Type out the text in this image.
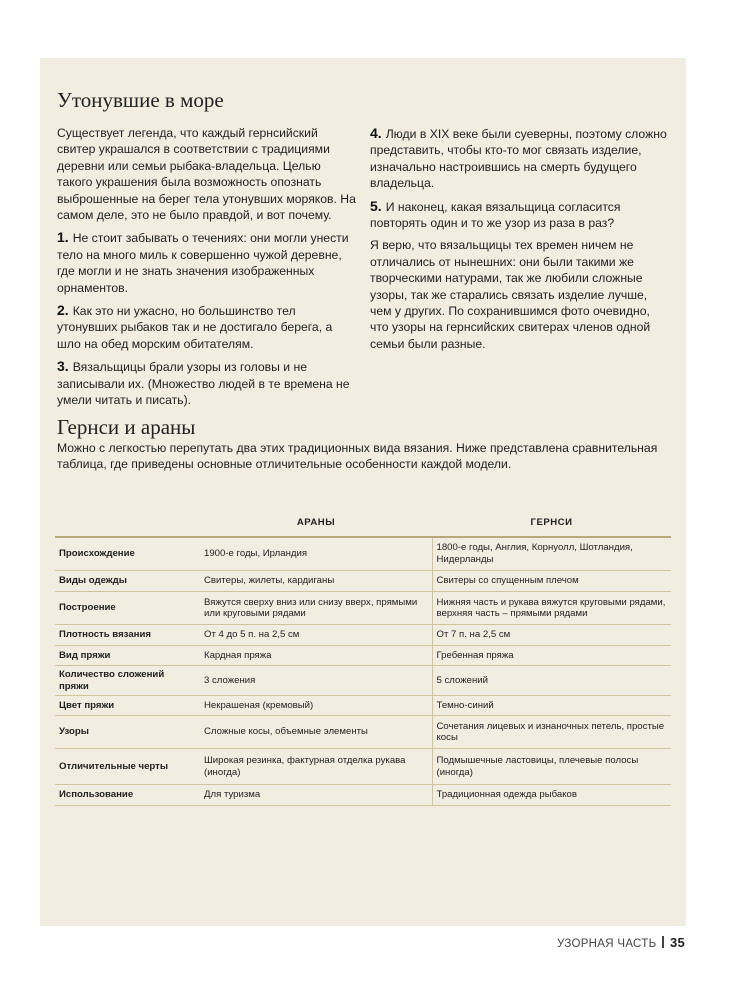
Утонувшие в море

Существует легенда, что каждый гернсийский свитер украшался в соответствии с традициями деревни или семьи рыбака-владельца. Целью такого украшения была возможность опознать выброшенные на берег тела утонувших моряков. На самом деле, это не было правдой, и вот почему.

1. Не стоит забывать о течениях: они могли унести тело на много миль к совершенно чужой деревне, где могли и не знать значения изображенных орнаментов.

2. Как это ни ужасно, но большинство тел утонувших рыбаков так и не достигало берега, а шло на обед морским обитателям.

3. Вязальщицы брали узоры из головы и не записывали их. (Множество людей в те времена не умели читать и писать).

4. Люди в XIX веке были суеверны, поэтому сложно представить, чтобы кто-то мог связать изделие, изначально настроившись на смерть будущего владельца.

5. И наконец, какая вязальщица согласится повторять один и то же узор из раза в раз?

Я верю, что вязальщицы тех времен ничем не отличались от нынешних: они были такими же творческими натурами, так же любили сложные узоры, так же старались связать изделие лучше, чем у других. По сохранившимся фото очевидно, что узоры на гернсийских свитерах членов одной семьи были разные.

Гернси и араны

Можно с легкостью перепутать два этих традиционных вида вязания. Ниже представлена сравнительная таблица, где приведены основные отличительные особенности каждой модели.

	АРАНЫ	ГЕРНСИ
Происхождение	1900-е годы, Ирландия	1800-е годы, Англия, Корнуолл, Шотландия, Нидерланды
Виды одежды	Свитеры, жилеты, кардиганы	Свитеры со спущенным плечом
Построение	Вяжутся сверху вниз или снизу вверх, прямыми или круговыми рядами	Нижняя часть и рукава вяжутся круговыми рядами, верхняя часть – прямыми рядами
Плотность вязания	От 4 до 5 п. на 2,5 см	От 7 п. на 2,5 см
Вид пряжи	Кардная пряжа	Гребенная пряжа
Количество сложений пряжи	3 сложения	5 сложений
Цвет пряжи	Некрашеная (кремовый)	Темно-синий
Узоры	Сложные косы, объемные элементы	Сочетания лицевых и изнаночных петель, простые косы
Отличительные черты	Широкая резинка, фактурная отделка рукава (иногда)	Подмышечные ластовицы, плечевые полосы (иногда)
Использование	Для туризма	Традиционная одежда рыбаков
УЗОРНАЯ ЧАСТЬ 35
